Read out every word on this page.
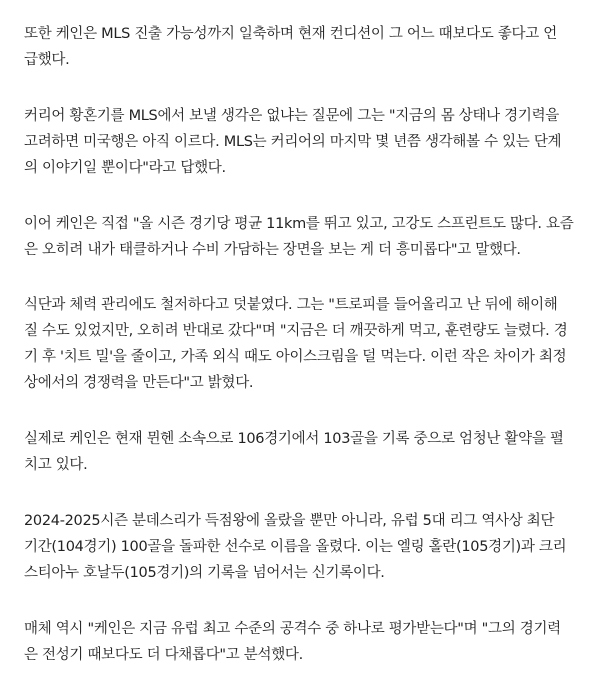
또한 케인은 MLS 진출 가능성까지 일축하며 현재 컨디션이 그 어느 때보다도 좋다고 언
급했다.

커리어 황혼기를 MLS에서 보낼 생각은 없냐는 질문에 그는 "지금의 몸 상태나 경기력을
고려하면 미국행은 아직 이르다. MLS는 커리어의 마지막 몇 년쯤 생각해볼 수 있는 단계
의 이야기일 뿐이다"라고 답했다.

이어 케인은 직접 "올 시즌 경기당 평균 11km를 뛰고 있고, 고강도 스프린트도 많다. 요즘
은 오히려 내가 태클하거나 수비 가담하는 장면을 보는 게 더 흥미롭다"고 말했다.

식단과 체력 관리에도 철저하다고 덧붙였다. 그는 "트로피를 들어올리고 난 뒤에 해이해
질 수도 있었지만, 오히려 반대로 갔다"며 "지금은 더 깨끗하게 먹고, 훈련량도 늘렸다. 경
기 후 '치트 밀'을 줄이고, 가족 외식 때도 아이스크림을 덜 먹는다. 이런 작은 차이가 최정
상에서의 경쟁력을 만든다"고 밝혔다.

실제로 케인은 현재 뮌헨 소속으로 106경기에서 103골을 기록 중으로 엄청난 활약을 펼
치고 있다.

2024-2025시즌 분데스리가 득점왕에 올랐을 뿐만 아니라, 유럽 5대 리그 역사상 최단
기간(104경기) 100골을 돌파한 선수로 이름을 올렸다. 이는 엘링 홀란(105경기)과 크리
스티아누 호날두(105경기)의 기록을 넘어서는 신기록이다.

매체 역시 "케인은 지금 유럽 최고 수준의 공격수 중 하나로 평가받는다"며 "그의 경기력
은 전성기 때보다도 더 다채롭다"고 분석했다.
